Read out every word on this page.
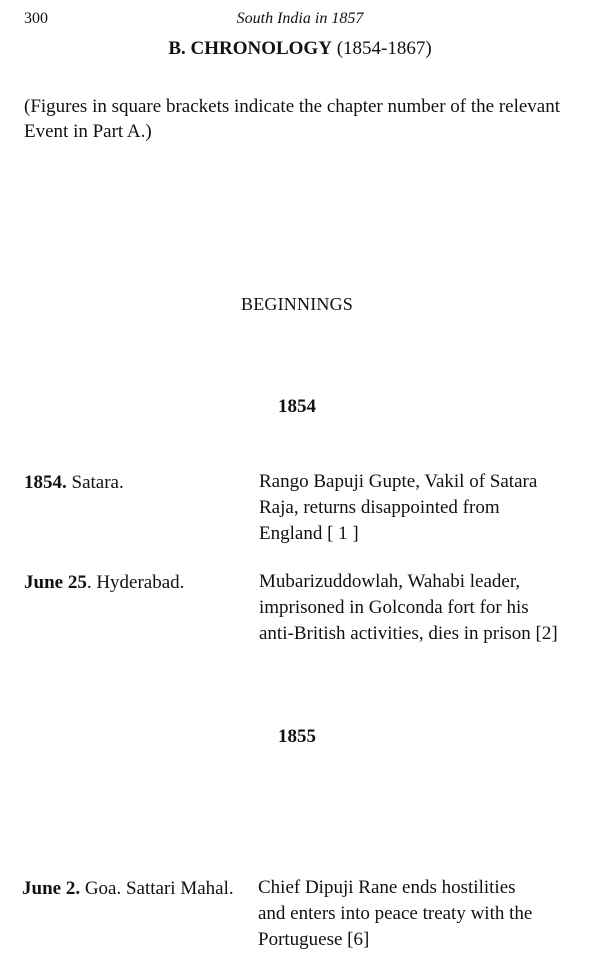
300	South India in 1857
B. CHRONOLOGY (1854-1867)
(Figures in square brackets indicate the chapter number of the relevant
Event in Part A.)
BEGINNINGS
1854
1854. Satara.	Rango Bapuji Gupte, Vakil of Satara
Raja, returns disappointed from
England [ 1 ]
June 25. Hyderabad.	Mubarizuddowlah, Wahabi leader,
imprisoned in Golconda fort for his
anti-British activities, dies in prison [2]
1855
June 2. Goa. Sattari Mahal. Chief Dipuji Rane ends hostilities
and enters into peace treaty with the
Portuguese [6]
